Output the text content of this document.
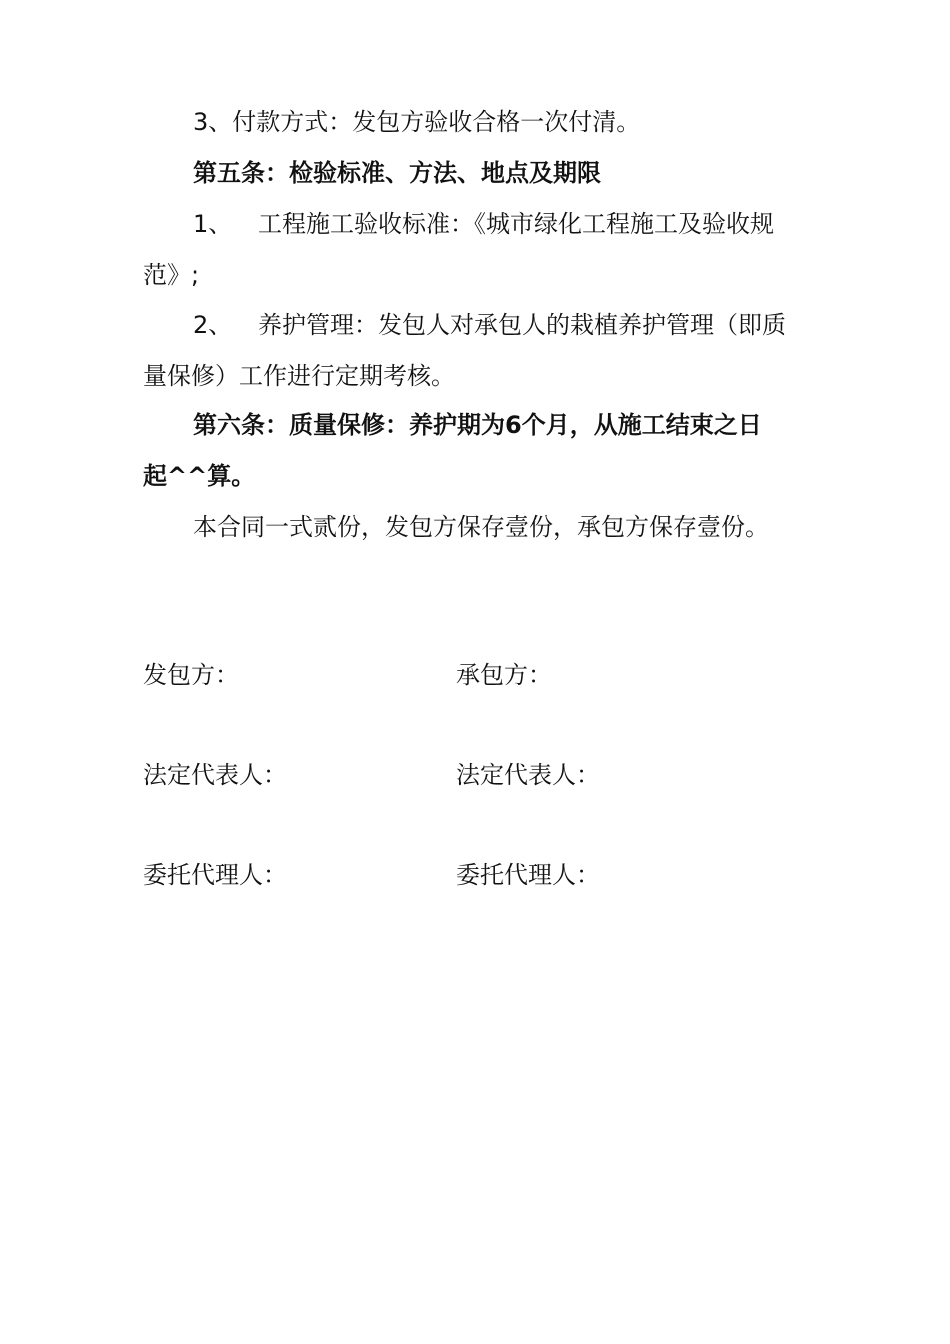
3、付款方式：发包方验收合格一次付清。
第五条：检验标准、方法、地点及期限
1、 工程施工验收标准：《城市绿化工程施工及验收规
范》;
2、 养护管理：发包人对承包人的栽植养护管理（即质
量保修）工作进行定期考核。
第六条：质量保修：养护期为6个月，从施工结束之日
起^^算。
本合同一式贰份，发包方保存壹份，承包方保存壹份。
发包方：	承包方：
法定代表人：	法定代表人：
委托代理人：	委托代理人：
